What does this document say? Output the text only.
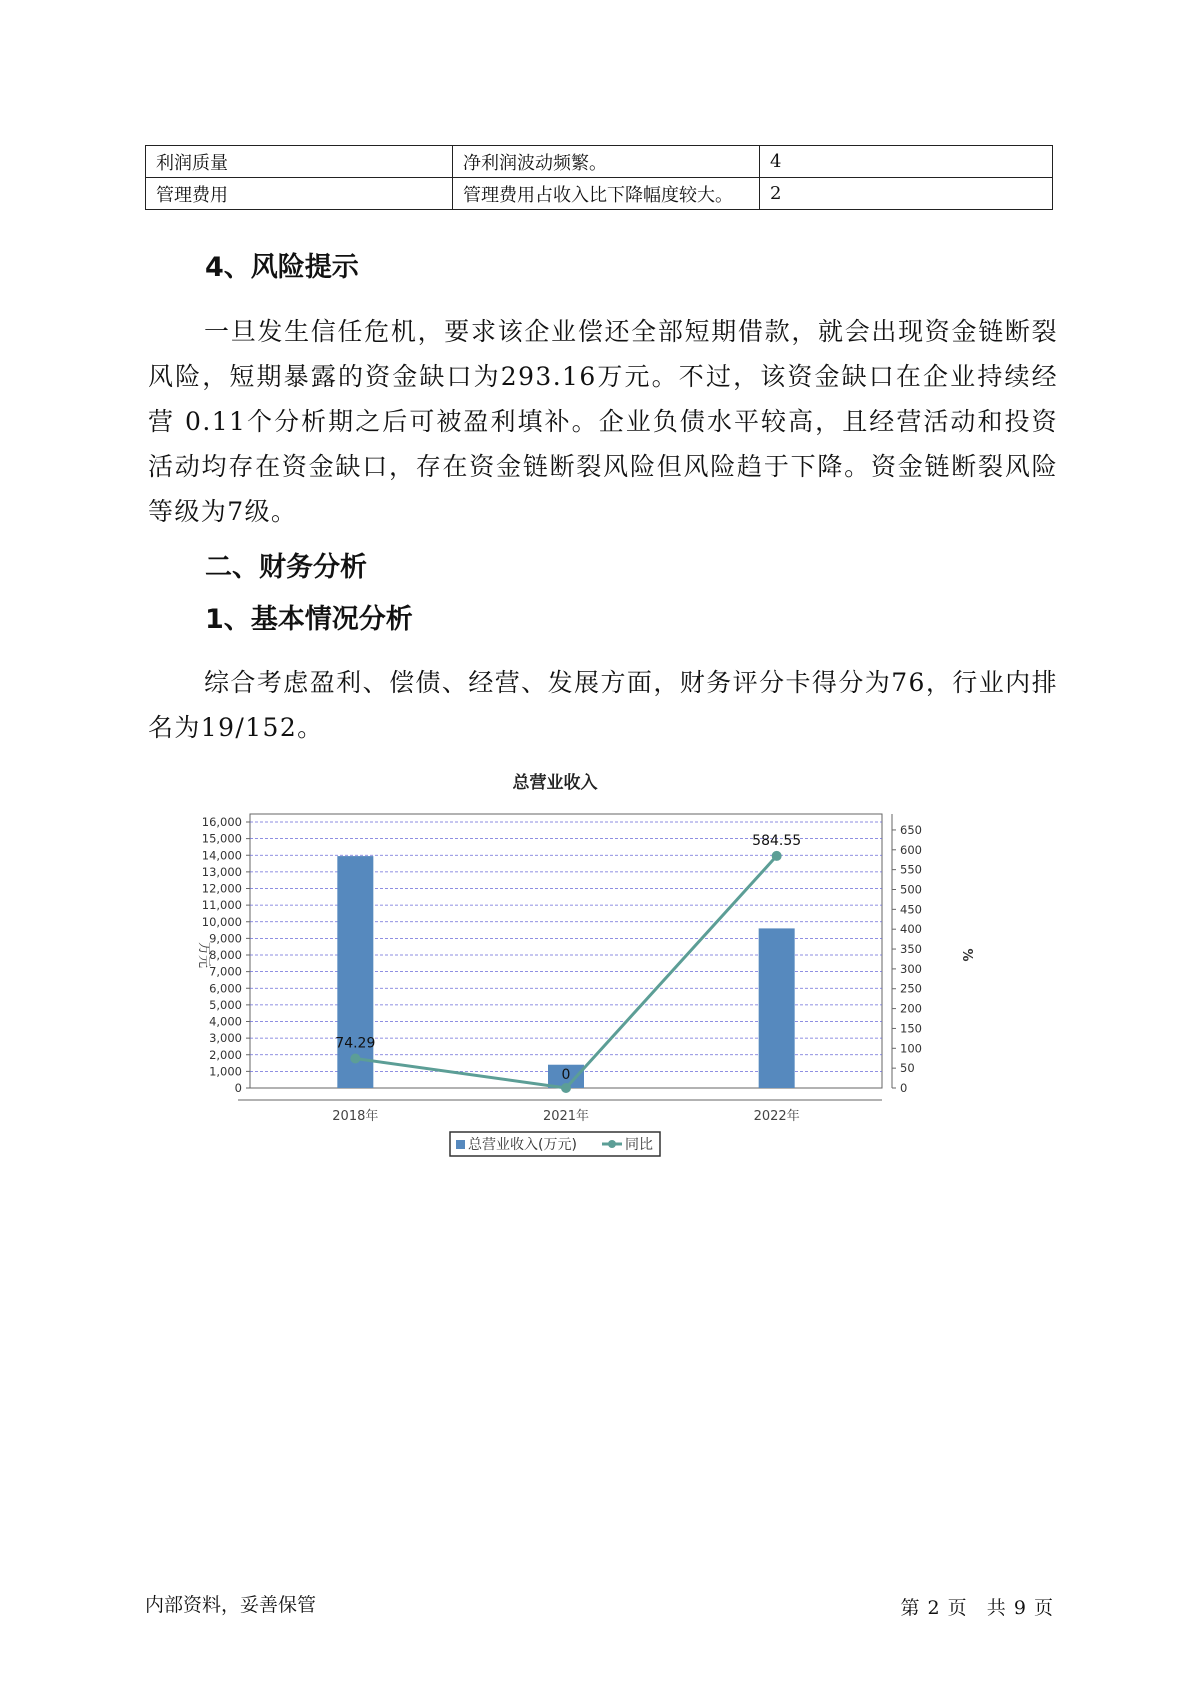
利润质量	净利润波动频繁。	4
管理费用	管理费用占收入比下降幅度较大。	2
4、风险提示

一旦发生信任危机，要求该企业偿还全部短期借款，就会出现资金链断裂风险，短期暴露的资金缺口为293.16万元。不过，该资金缺口在企业持续经营 0.11个分析期之后可被盈利填补。企业负债水平较高，且经营活动和投资活动均存在资金缺口，存在资金链断裂风险但风险趋于下降。资金链断裂风险等级为7级。

二、财务分析
1、基本情况分析

综合考虑盈利、偿债、经营、发展方面，财务评分卡得分为76，行业内排名为19/152。

总营业收入
0
1,000
2,000
3,000
4,000
5,000
6,000
7,000
8,000
9,000
10,000
11,000
12,000
13,000
14,000
15,000
16,000
0
50
100
150
200
250
300
350
400
450
500
550
600
650
万元	%
2018年	2021年	2022年
74.29
0
584.55
总营业收入(万元)	同比
内部资料，妥善保管	第 2 页 共 9 页
